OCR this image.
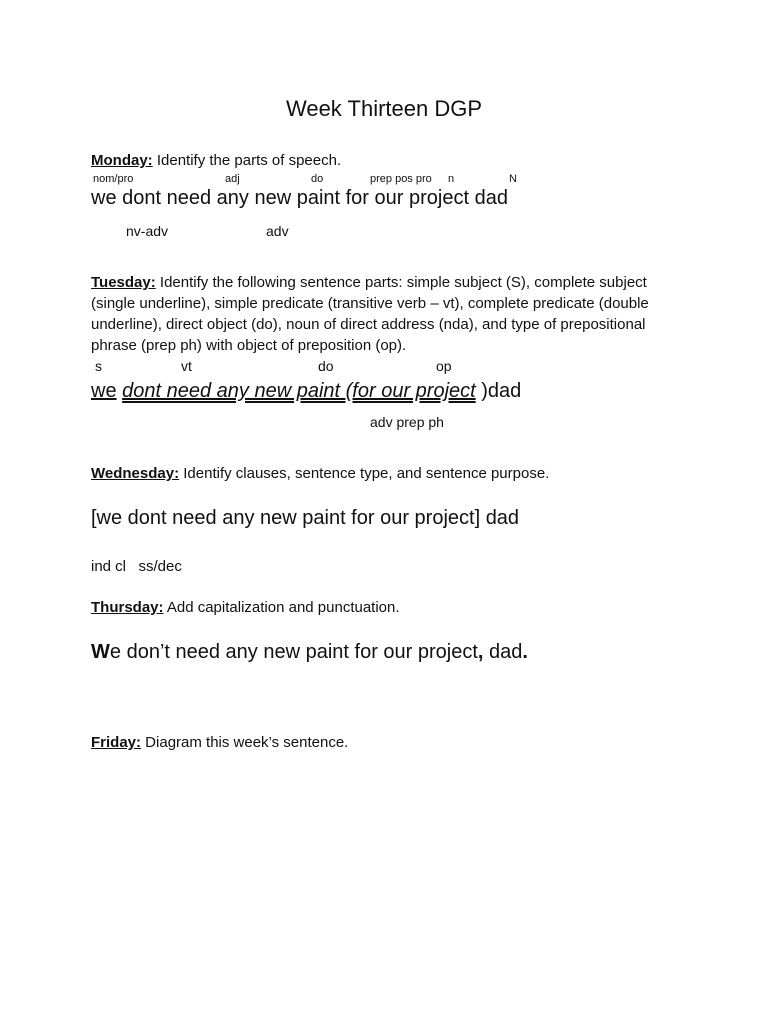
Week Thirteen DGP
Monday: Identify the parts of speech.
nom/pro	adj	do	prep pos pro n	N
we dont need any new paint for our project dad
nv-adv	adv
Tuesday: Identify the following sentence parts: simple subject (S), complete subject (single underline), simple predicate (transitive verb – vt), complete predicate (double underline), direct object (do), noun of direct address (nda), and type of prepositional phrase (prep ph) with object of preposition (op).
s	vt	do	op
we dont need any new paint (for our project )dad
adv prep ph
Wednesday: Identify clauses, sentence type, and sentence purpose.
[we dont need any new paint for our project] dad
ind cl   ss/dec
Thursday: Add capitalization and punctuation.
We don’t need any new paint for our project, dad.
Friday: Diagram this week’s sentence.
